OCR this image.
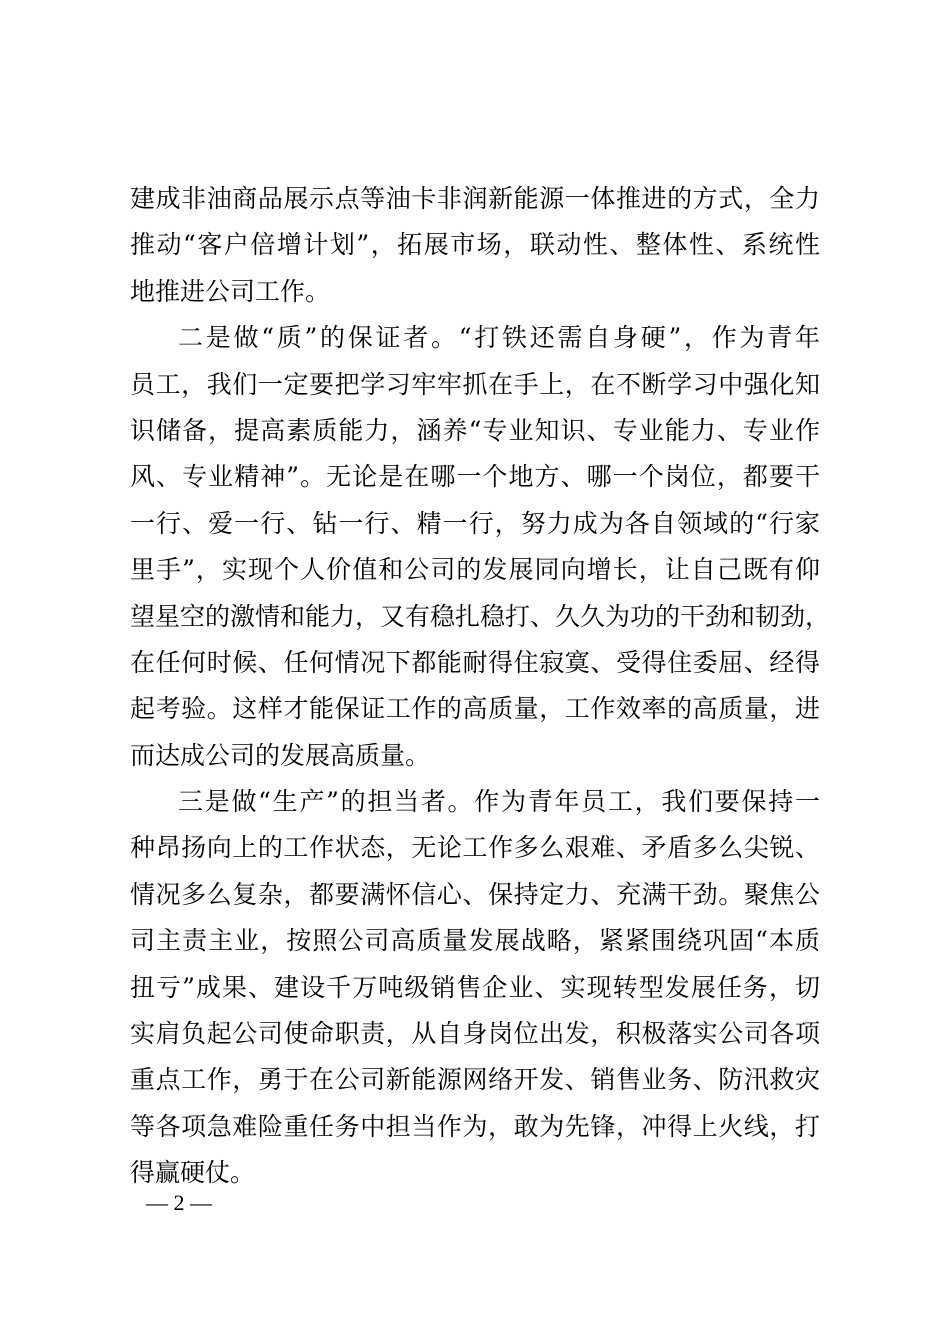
建成非油商品展示点等油卡非润新能源一体推进的方式，全力
推动“客户倍增计划”，拓展市场，联动性、整体性、系统性
地推进公司工作。
二是做“质”的保证者。“打铁还需自身硬”，作为青年
员工，我们一定要把学习牢牢抓在手上，在不断学习中强化知
识储备，提高素质能力，涵养“专业知识、专业能力、专业作
风、专业精神”。无论是在哪一个地方、哪一个岗位，都要干
一行、爱一行、钻一行、精一行，努力成为各自领域的“行家
里手”，实现个人价值和公司的发展同向增长，让自己既有仰
望星空的激情和能力，又有稳扎稳打、久久为功的干劲和韧劲，
在任何时候、任何情况下都能耐得住寂寞、受得住委屈、经得
起考验。这样才能保证工作的高质量，工作效率的高质量，进
而达成公司的发展高质量。
三是做“生产”的担当者。作为青年员工，我们要保持一
种昂扬向上的工作状态，无论工作多么艰难、矛盾多么尖锐、
情况多么复杂，都要满怀信心、保持定力、充满干劲。聚焦公
司主责主业，按照公司高质量发展战略，紧紧围绕巩固“本质
扭亏”成果、建设千万吨级销售企业、实现转型发展任务，切
实肩负起公司使命职责，从自身岗位出发，积极落实公司各项
重点工作，勇于在公司新能源网络开发、销售业务、防汛救灾
等各项急难险重任务中担当作为，敢为先锋，冲得上火线，打
得赢硬仗。
— 2 —
